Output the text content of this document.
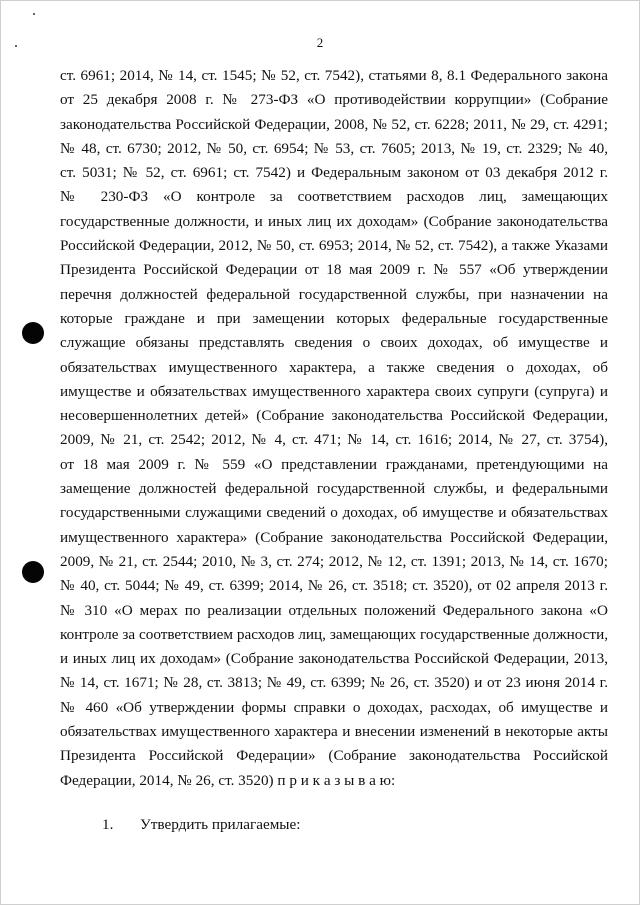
2
ст. 6961; 2014, № 14, ст. 1545; № 52, ст. 7542), статьями 8, 8.1 Федерального закона
от 25 декабря 2008 г. № 273-ФЗ «О противодействии коррупции» (Собрание
законодательства Российской Федерации, 2008, № 52, ст. 6228; 2011, № 29, ст. 4291;
№ 48, ст. 6730; 2012, № 50, ст. 6954; № 53, ст. 7605; 2013, № 19, ст. 2329; № 40,
ст. 5031; № 52, ст. 6961; ст. 7542) и Федеральным законом от 03 декабря 2012 г.
№ 230-ФЗ «О контроле за соответствием расходов лиц, замещающих
государственные должности, и иных лиц их доходам» (Собрание законодательства
Российской Федерации, 2012, № 50, ст. 6953; 2014, № 52, ст. 7542), а также Указами
Президента Российской Федерации от 18 мая 2009 г. № 557 «Об утверждении
перечня должностей федеральной государственной службы, при назначении на
которые граждане и при замещении которых федеральные государственные
служащие обязаны представлять сведения о своих доходах, об имуществе и
обязательствах имущественного характера, а также сведения о доходах, об
имуществе и обязательствах имущественного характера своих супруги (супруга) и
несовершеннолетних детей» (Собрание законодательства Российской Федерации,
2009, № 21, ст. 2542; 2012, № 4, ст. 471; № 14, ст. 1616; 2014, № 27, ст. 3754),
от 18 мая 2009 г. № 559 «О представлении гражданами, претендующими на
замещение должностей федеральной государственной службы, и федеральными
государственными служащими сведений о доходах, об имуществе и обязательствах
имущественного характера» (Собрание законодательства Российской Федерации,
2009, № 21, ст. 2544; 2010, № 3, ст. 274; 2012, № 12, ст. 1391; 2013, № 14, ст. 1670;
№ 40, ст. 5044; № 49, ст. 6399; 2014, № 26, ст. 3518; ст. 3520), от 02 апреля 2013 г.
№ 310 «О мерах по реализации отдельных положений Федерального закона «О
контроле за соответствием расходов лиц, замещающих государственные должности,
и иных лиц их доходам» (Собрание законодательства Российской Федерации, 2013,
№ 14, ст. 1671; № 28, ст. 3813; № 49, ст. 6399; № 26, ст. 3520) и от 23 июня 2014 г.
№ 460 «Об утверждении формы справки о доходах, расходах, об имуществе и
обязательствах имущественного характера и внесении изменений в некоторые акты
Президента Российской Федерации» (Собрание законодательства Российской
Федерации, 2014, № 26, ст. 3520) п р и к а з ы в а ю:
1. Утвердить прилагаемые:
